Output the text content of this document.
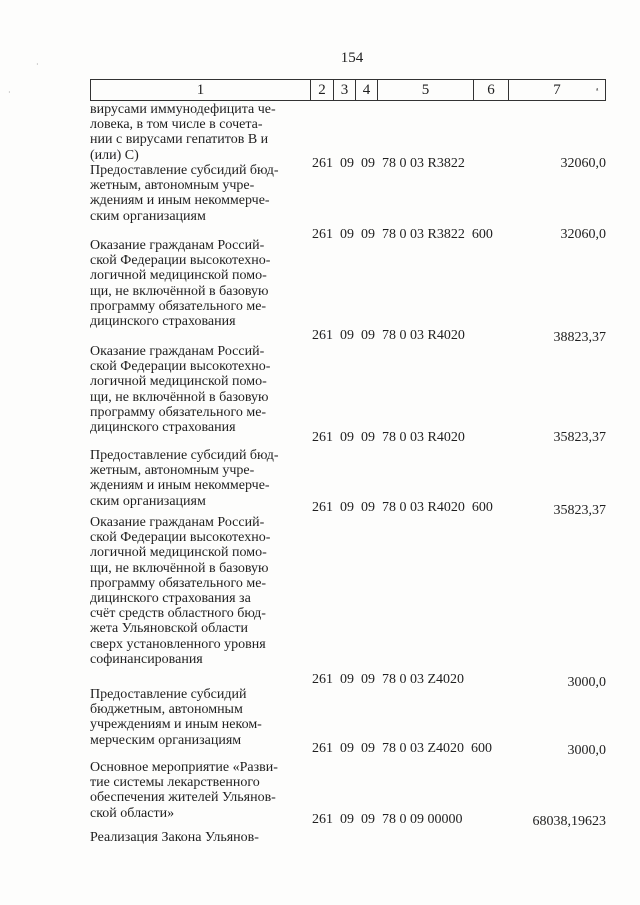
154
ᵃ
·
·
1	2	3 4	5	6	7
вирусами иммунодефицита че-
ловека, в том числе в сочета-
нии с вирусами гепатитов В и
(или) С)
261  09  09  78 0 03 R3822	32060,0
Предоставление субсидий бюд-
жетным, автономным учре-
ждениям и иным некоммерче-
ским организациям
261  09  09  78 0 03 R3822  600	32060,0
Оказание гражданам Россий-
ской Федерации высокотехно-
логичной медицинской помо-
щи, не включённой в базовую
программу обязательного ме-
дицинского страхования
261  09  09  78 0 03 R4020	38823,37
Оказание гражданам Россий-
ской Федерации высокотехно-
логичной медицинской помо-
щи, не включённой в базовую
программу обязательного ме-
дицинского страхования
261  09  09  78 0 03 R4020	35823,37
Предоставление субсидий бюд-
жетным, автономным учре-
ждениям и иным некоммерче-
ским организациям	261  09  09  78 0 03 R4020  600	35823,37
Оказание гражданам Россий-
ской Федерации высокотехно-
логичной медицинской помо-
щи, не включённой в базовую
программу обязательного ме-
дицинского страхования за
счёт средств областного бюд-
жета Ульяновской области
сверх установленного уровня
софинансирования
261  09  09  78 0 03 Z4020	3000,0
Предоставление субсидий
бюджетным, автономным
учреждениям и иным неком-
мерческим организациям
261  09  09  78 0 03 Z4020  600	3000,0
Основное мероприятие «Разви-
тие системы лекарственного
обеспечения жителей Ульянов-
ской области»	261  09  09  78 0 09 00000	68038,19623
Реализация Закона Ульянов-
